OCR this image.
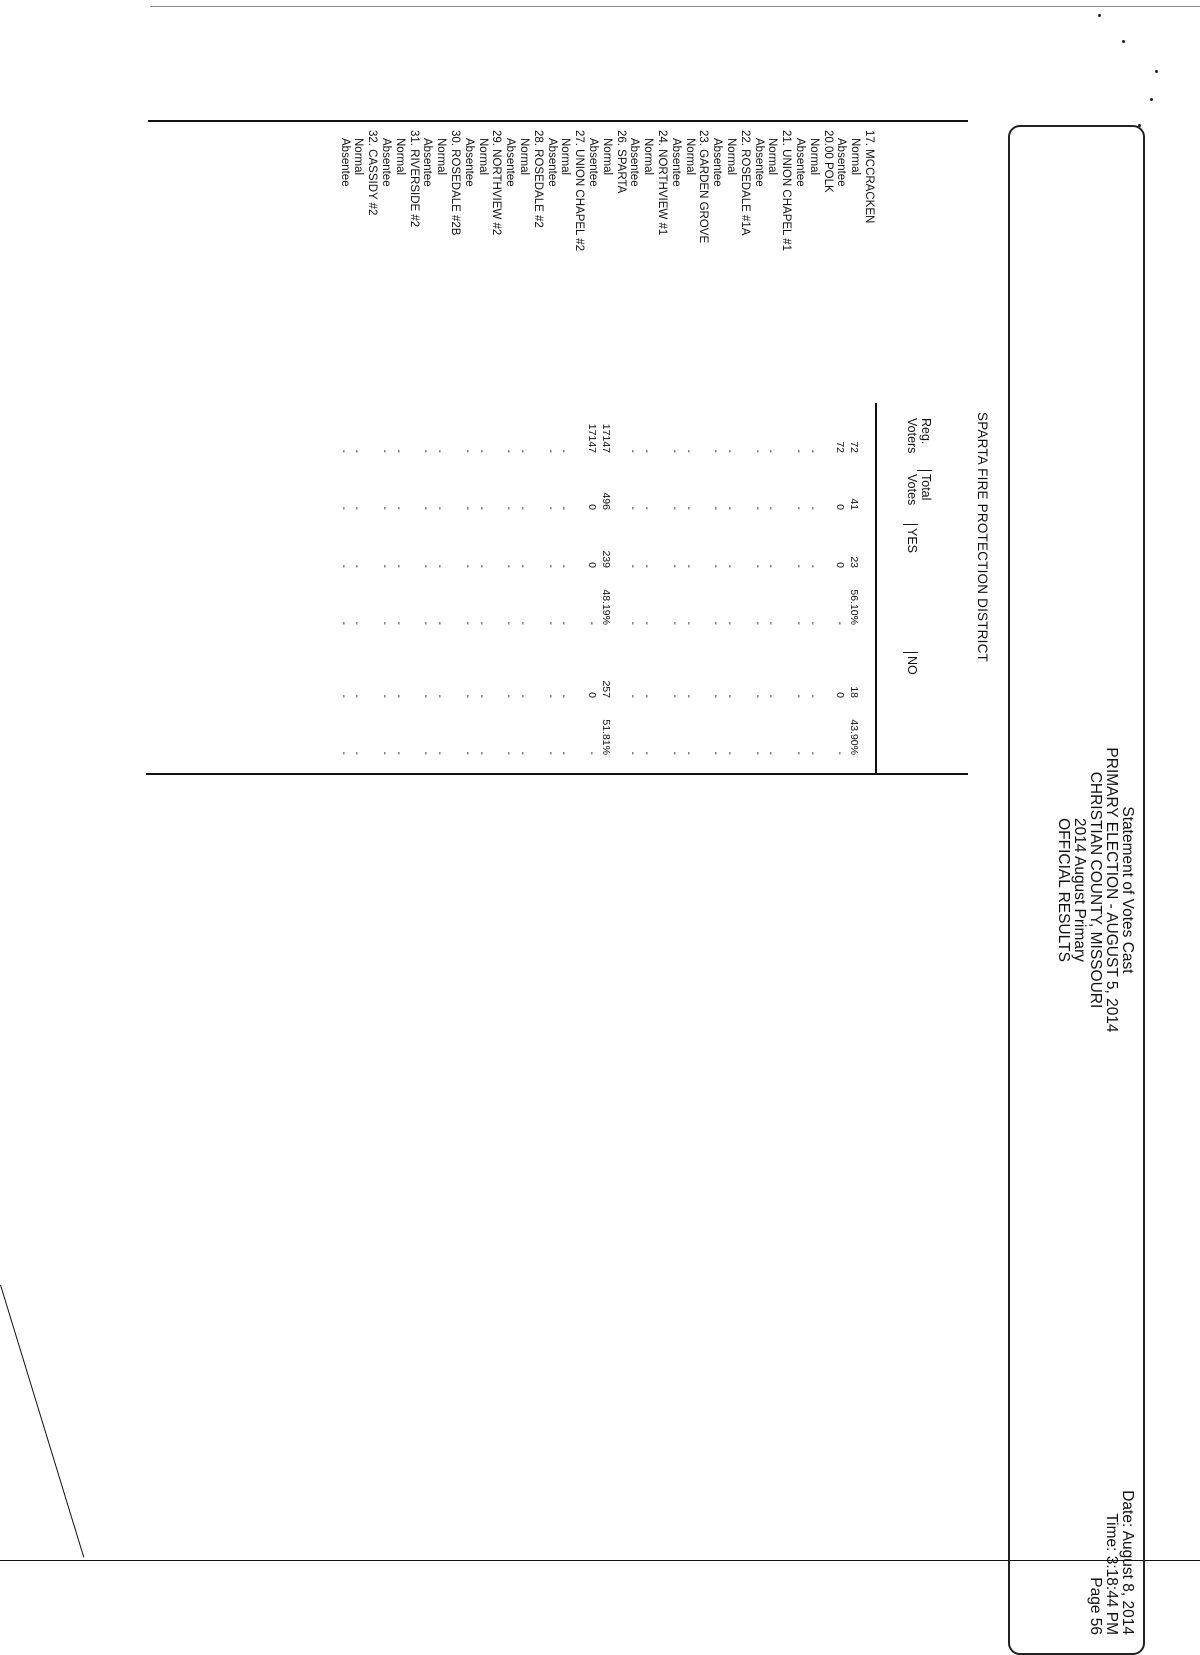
Statement of Votes Cast
PRIMARY ELECTION - AUGUST 5, 2014
CHRISTIAN COUNTY, MISSOURI
2014 August Primary
OFFICIAL RESULTS
Date: August 8, 2014
Time: 3:18:44 PM
Page 56
SPARTA FIRE PROTECTION DISTRICT
Reg.
Voters
Total
Votes
YES
NO
17. MCCRACKEN
Normal
72
41
23
56.10%
18
43.90%
Absentee
72
0
0
-
0
-
20.00 POLK
Normal
-
-
-
-
-
-
Absentee
-
-
-
-
-
-
21. UNION CHAPEL #1
Normal
-
-
-
-
-
-
Absentee
-
-
-
-
-
-
22. ROSEDALE #1A
Normal
-
-
-
-
-
-
Absentee
-
-
-
-
-
-
23. GARDEN GROVE
Normal
-
-
-
-
-
-
Absentee
-
-
-
-
-
-
24. NORTHVIEW #1
Normal
-
-
-
-
-
-
Absentee
-
-
-
-
-
-
26. SPARTA
Normal
17147
496
239
48.19%
257
51.81%
Absentee
17147
0
0
-
0
-
27. UNION CHAPEL #2
Normal
-
-
-
-
-
-
Absentee
-
-
-
-
-
-
28. ROSEDALE #2
Normal
-
-
-
-
-
-
Absentee
-
-
-
-
-
-
29. NORTHVIEW #2
Normal
-
-
-
-
-
-
Absentee
-
-
-
-
-
-
30. ROSEDALE #2B
Normal
-
-
-
-
-
-
Absentee
-
-
-
-
-
-
31. RIVERSIDE #2
Normal
-
-
-
-
-
-
Absentee
-
-
-
-
-
-
32. CASSIDY #2
Normal
-
-
-
-
-
-
Absentee
-
-
-
-
-
-
